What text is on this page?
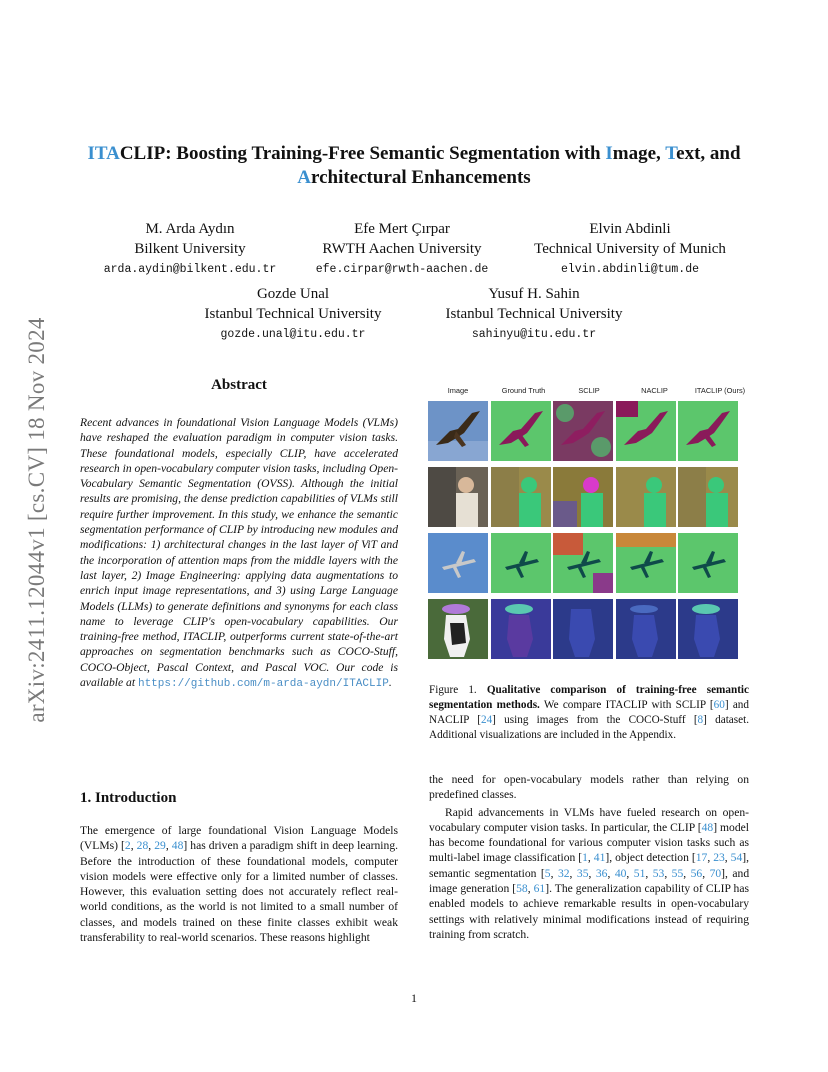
arXiv:2411.12044v1 [cs.CV] 18 Nov 2024
ITACLIP: Boosting Training-Free Semantic Segmentation with Image, Text, and
Architectural Enhancements
M. Arda Aydın
Bilkent University
arda.aydin@bilkent.edu.tr
Efe Mert Çırpar
RWTH Aachen University
efe.cirpar@rwth-aachen.de
Elvin Abdinli
Technical University of Munich
elvin.abdinli@tum.de
Gozde Unal
Istanbul Technical University
gozde.unal@itu.edu.tr
Yusuf H. Sahin
Istanbul Technical University
sahinyu@itu.edu.tr
Abstract
Recent advances in foundational Vision Language Models (VLMs) have reshaped the evaluation paradigm in computer vision tasks. These foundational models, especially CLIP, have accelerated research in open-vocabulary computer vision tasks, including Open-Vocabulary Semantic Segmentation (OVSS). Although the initial results are promising, the dense prediction capabilities of VLMs still require further improvement. In this study, we enhance the semantic segmentation performance of CLIP by introducing new modules and modifications: 1) architectural changes in the last layer of ViT and the incorporation of attention maps from the middle layers with the last layer, 2) Image Engineering: applying data augmentations to enrich input image representations, and 3) using Large Language Models (LLMs) to generate definitions and synonyms for each class name to leverage CLIP's open-vocabulary capabilities. Our training-free method, ITACLIP, outperforms current state-of-the-art approaches on segmentation benchmarks such as COCO-Stuff, COCO-Object, Pascal Context, and Pascal VOC. Our code is available at https://github.com/m-arda-aydn/ITACLIP.
Image	Ground Truth	SCLIP	NACLIP	ITACLIP (Ours)
Figure 1. Qualitative comparison of training-free semantic segmentation methods. We compare ITACLIP with SCLIP [60] and NACLIP [24] using images from the COCO-Stuff [8] dataset. Additional visualizations are included in the Appendix.
1. Introduction
The emergence of large foundational Vision Language Models (VLMs) [2, 28, 29, 48] has driven a paradigm shift in deep learning. Before the introduction of these foundational models, computer vision models were effective only for a limited number of classes. However, this evaluation setting does not accurately reflect real-world conditions, as the world is not limited to a small number of classes, and models trained on these finite classes exhibit weak transferability to real-world scenarios. These reasons highlight
the need for open-vocabulary models rather than relying on predefined classes.
Rapid advancements in VLMs have fueled research on open-vocabulary computer vision tasks. In particular, the CLIP [48] model has become foundational for various computer vision tasks such as multi-label image classification [1, 41], object detection [17, 23, 54], semantic segmentation [5, 32, 35, 36, 40, 51, 53, 55, 56, 70], and image generation [58, 61]. The generalization capability of CLIP has enabled models to achieve remarkable results in open-vocabulary settings with relatively minimal modifications instead of requiring training from scratch.
1
